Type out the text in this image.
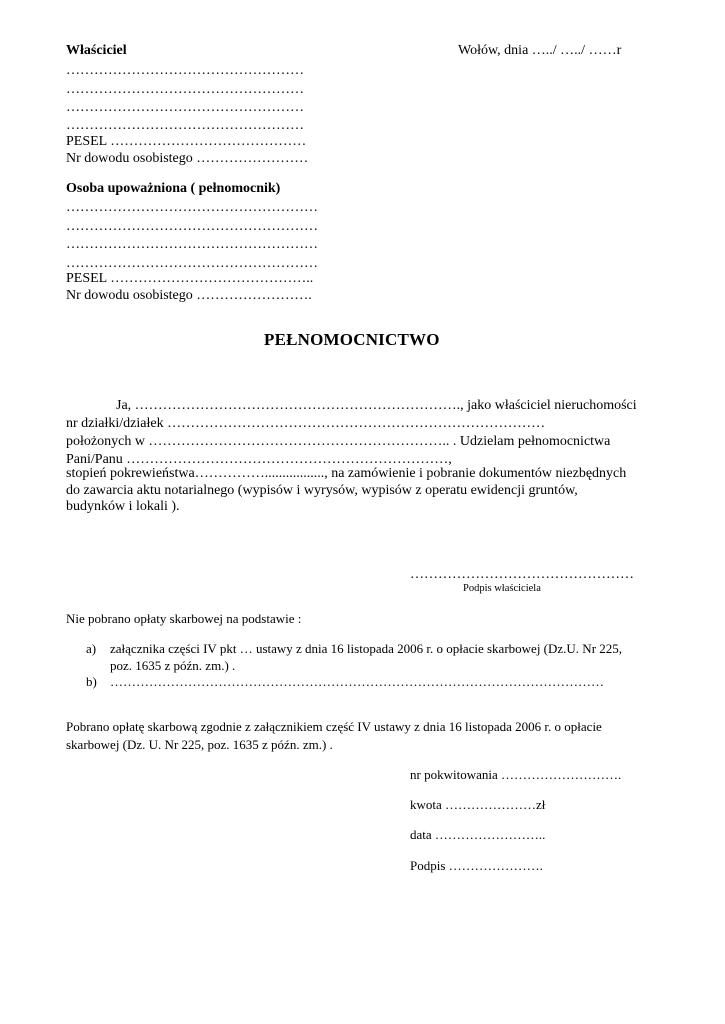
Właściciel	Wołów, dnia …../ …../ ……r
……………………………………………
……………………………………………
……………………………………………
……………………………………………
PESEL ……………………………………
Nr dowodu osobistego ……………………
Osoba upoważniona ( pełnomocnik)
………………………………………………
………………………………………………
………………………………………………
………………………………………………
PESEL ……………………………………..
Nr dowodu osobistego …………………….
PEŁNOMOCNICTWO
Ja, ……………………………………………………………., jako właściciel nieruchomości
nr działki/działek ………………………………………………………………………
położonych w ……………………………………………………….. . Udzielam pełnomocnictwa
Pani/Panu ……………………………………………………………,
stopień pokrewieństwa……………................., na zamówienie i pobranie dokumentów niezbędnych
do zawarcia aktu notarialnego (wypisów i wyrysów, wypisów z operatu ewidencji gruntów,
budynków i lokali ).
…………………………………………
Podpis właściciela
Nie pobrano opłaty skarbowej na podstawie :
a) załącznika części IV pkt … ustawy z dnia 16 listopada 2006 r. o opłacie skarbowej (Dz.U. Nr 225,
poz. 1635 z późn. zm.) .
b) ……………………………………………………………………………………………………
Pobrano opłatę skarbową zgodnie z załącznikiem część IV ustawy z dnia 16 listopada 2006 r. o opłacie
skarbowej (Dz. U. Nr 225, poz. 1635 z późn. zm.) .
nr pokwitowania ……………………….
kwota …………………zł
data ……………………..
Podpis ………………….
